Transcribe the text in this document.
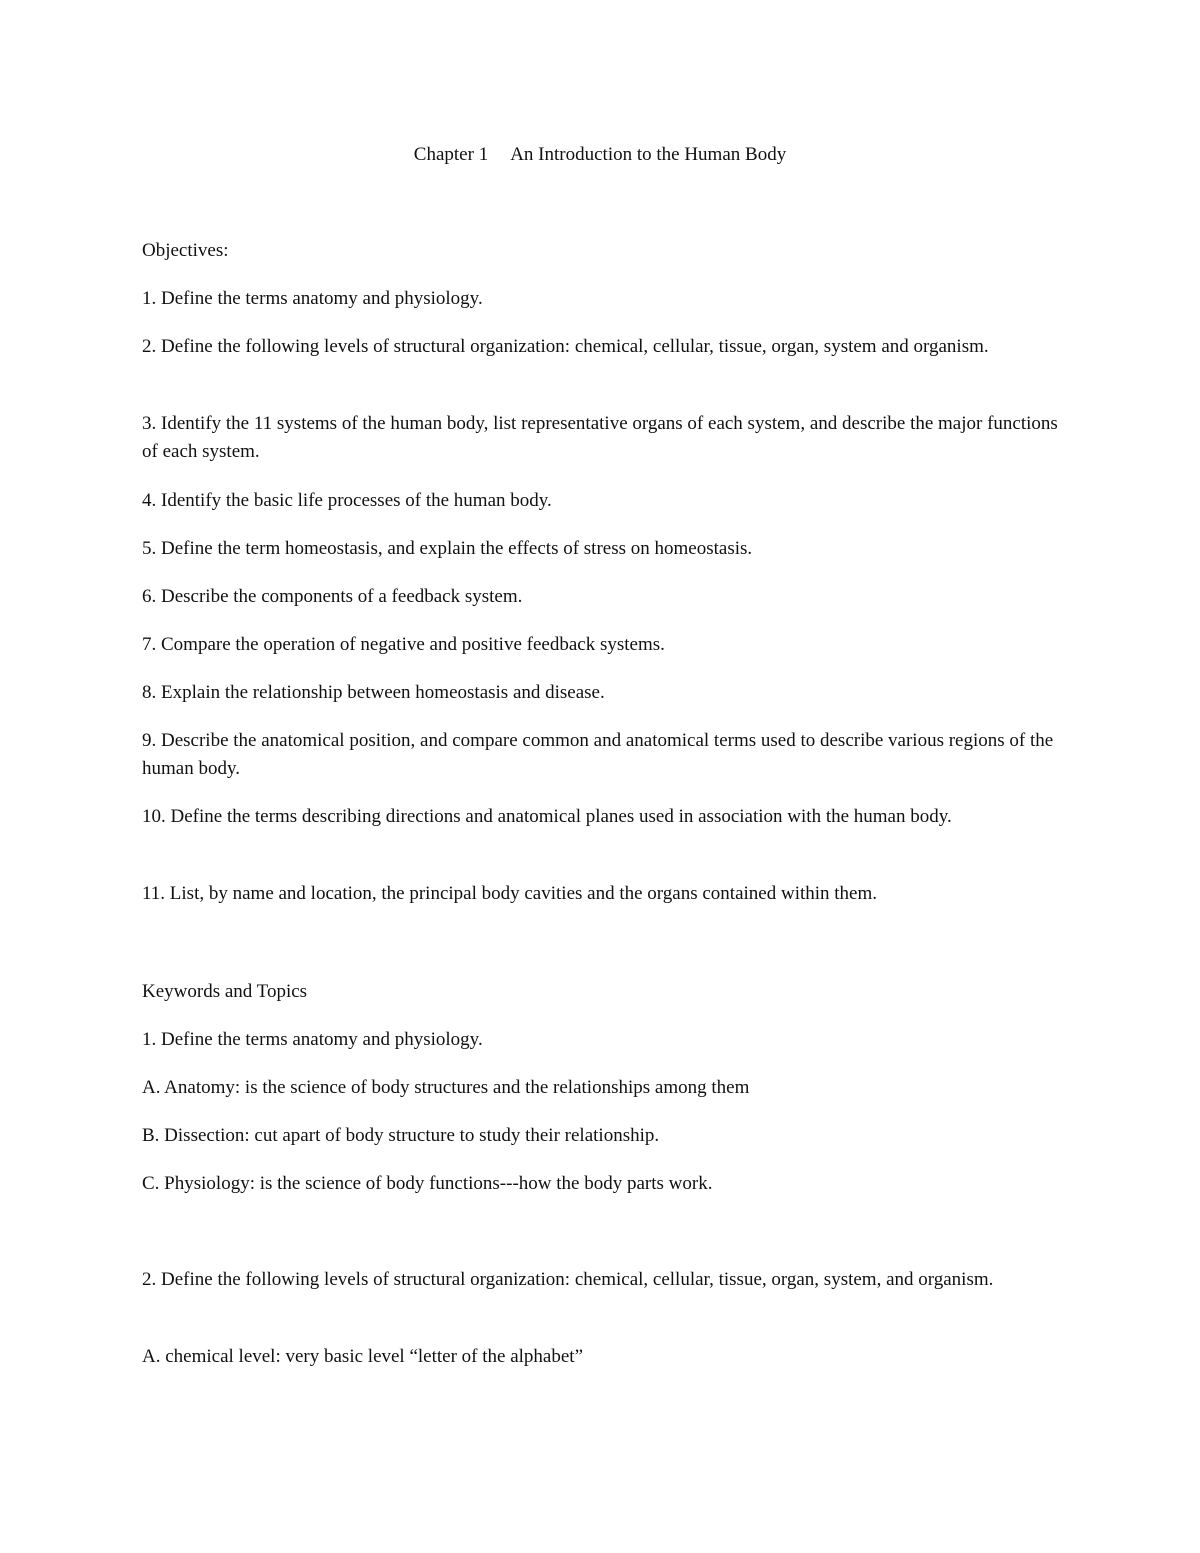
Chapter 1 An Introduction to the Human Body

Objectives:

1. Define the terms anatomy and physiology.

2. Define the following levels of structural organization: chemical, cellular, tissue, organ, system and organism.

3. Identify the 11 systems of the human body, list representative organs of each system, and describe the major functions of each system.

4. Identify the basic life processes of the human body.

5. Define the term homeostasis, and explain the effects of stress on homeostasis.

6. Describe the components of a feedback system.

7. Compare the operation of negative and positive feedback systems.

8. Explain the relationship between homeostasis and disease.

9. Describe the anatomical position, and compare common and anatomical terms used to describe various regions of the human body.

10. Define the terms describing directions and anatomical planes used in association with the human body.

11. List, by name and location, the principal body cavities and the organs contained within them.

Keywords and Topics

1. Define the terms anatomy and physiology.

A. Anatomy: is the science of body structures and the relationships among them

B. Dissection: cut apart of body structure to study their relationship.

C. Physiology: is the science of body functions---how the body parts work.

2. Define the following levels of structural organization: chemical, cellular, tissue, organ, system, and organism.

A. chemical level: very basic level “letter of the alphabet”
